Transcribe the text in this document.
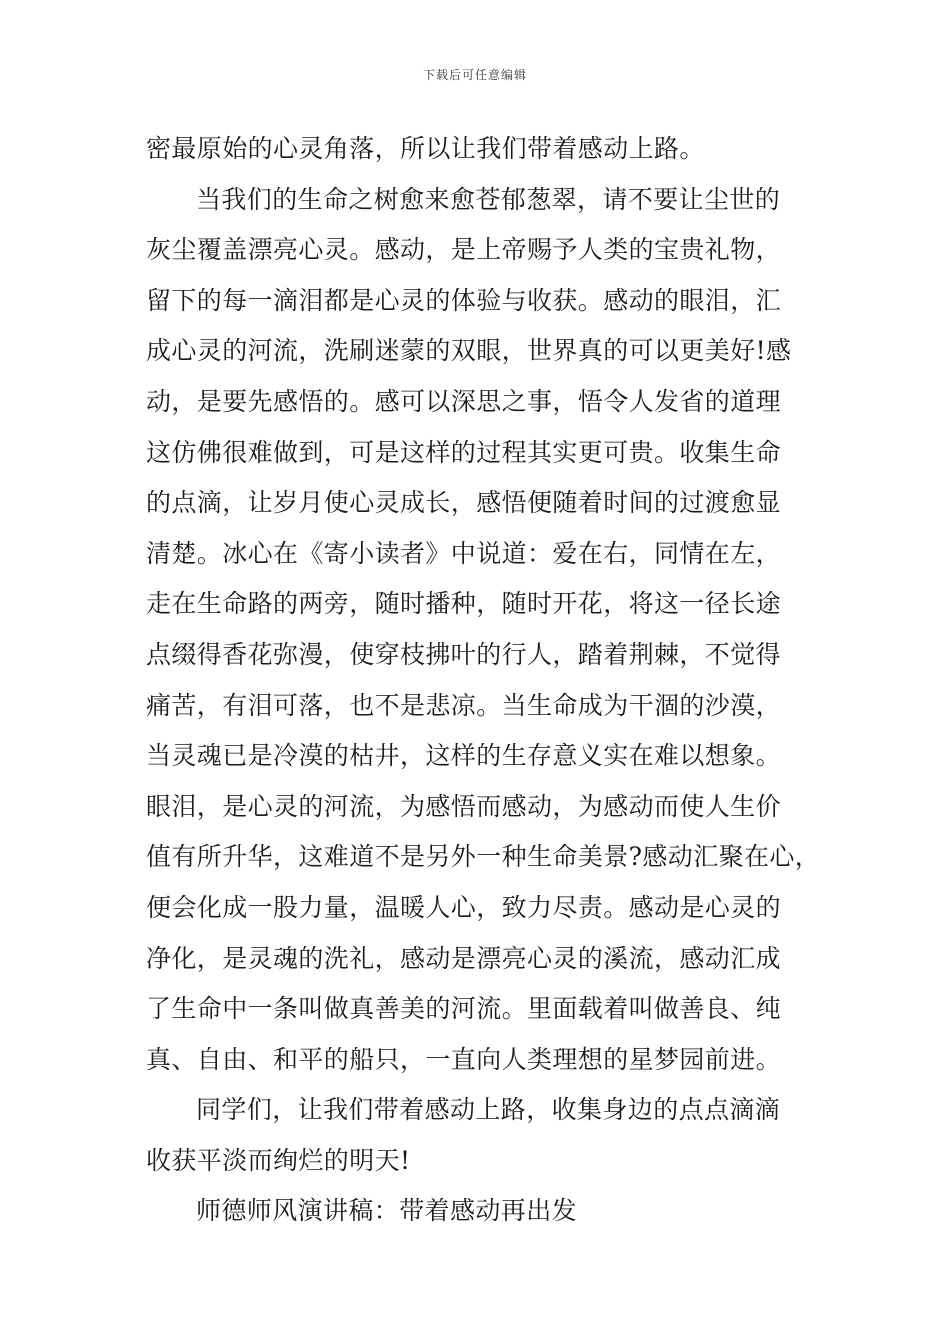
下载后可任意编辑
密最原始的心灵角落，所以让我们带着感动上路。
当我们的生命之树愈来愈苍郁葱翠，请不要让尘世的
灰尘覆盖漂亮心灵。感动，是上帝赐予人类的宝贵礼物，
留下的每一滴泪都是心灵的体验与收获。感动的眼泪，汇
成心灵的河流，洗刷迷蒙的双眼，世界真的可以更美好!感
动，是要先感悟的。感可以深思之事，悟令人发省的道理
这仿佛很难做到，可是这样的过程其实更可贵。收集生命
的点滴，让岁月使心灵成长，感悟便随着时间的过渡愈显
清楚。冰心在《寄小读者》中说道：爱在右，同情在左，
走在生命路的两旁，随时播种，随时开花，将这一径长途
点缀得香花弥漫，使穿枝拂叶的行人，踏着荆棘，不觉得
痛苦，有泪可落，也不是悲凉。当生命成为干涸的沙漠，
当灵魂已是冷漠的枯井，这样的生存意义实在难以想象。
眼泪，是心灵的河流，为感悟而感动，为感动而使人生价
值有所升华，这难道不是另外一种生命美景?感动汇聚在心，
便会化成一股力量，温暖人心，致力尽责。感动是心灵的
净化，是灵魂的洗礼，感动是漂亮心灵的溪流，感动汇成
了生命中一条叫做真善美的河流。里面载着叫做善良、纯
真、自由、和平的船只，一直向人类理想的星梦园前进。
同学们，让我们带着感动上路，收集身边的点点滴滴
收获平淡而绚烂的明天!
师德师风演讲稿：带着感动再出发
